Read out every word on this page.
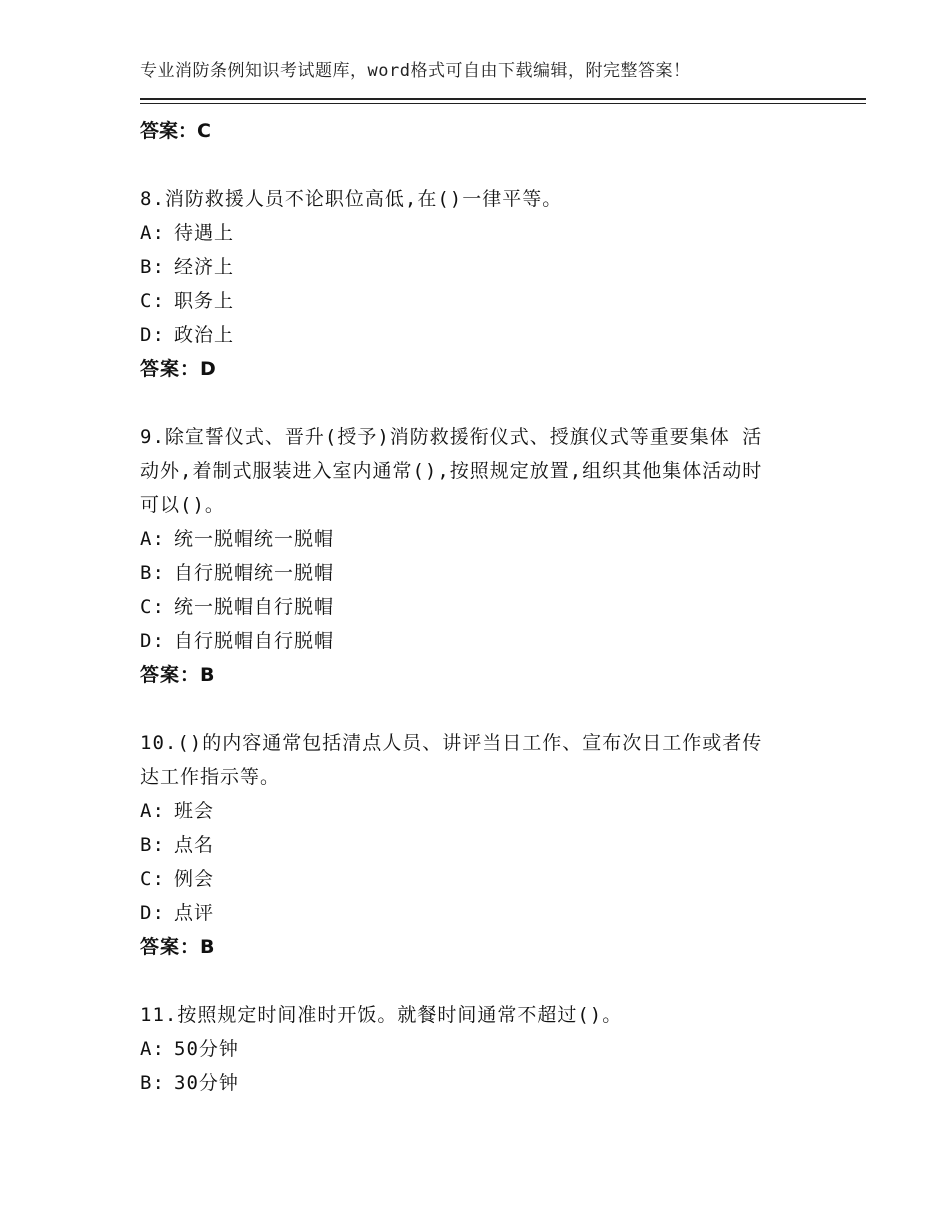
专业消防条例知识考试题库，word格式可自由下载编辑，附完整答案！
答案：C
8.消防救援人员不论职位高低,在()一律平等。
A: 待遇上
B: 经济上
C: 职务上
D: 政治上
答案：D
9.除宣誓仪式、晋升(授予)消防救援衔仪式、授旗仪式等重要集体 活
动外,着制式服装进入室内通常(),按照规定放置,组织其他集体活动时
可以()。
A: 统一脱帽统一脱帽
B: 自行脱帽统一脱帽
C: 统一脱帽自行脱帽
D: 自行脱帽自行脱帽
答案：B
10.()的内容通常包括清点人员、讲评当日工作、宣布次日工作或者传
达工作指示等。
A: 班会
B: 点名
C: 例会
D: 点评
答案：B
11.按照规定时间准时开饭。就餐时间通常不超过()。
A: 50分钟
B: 30分钟
